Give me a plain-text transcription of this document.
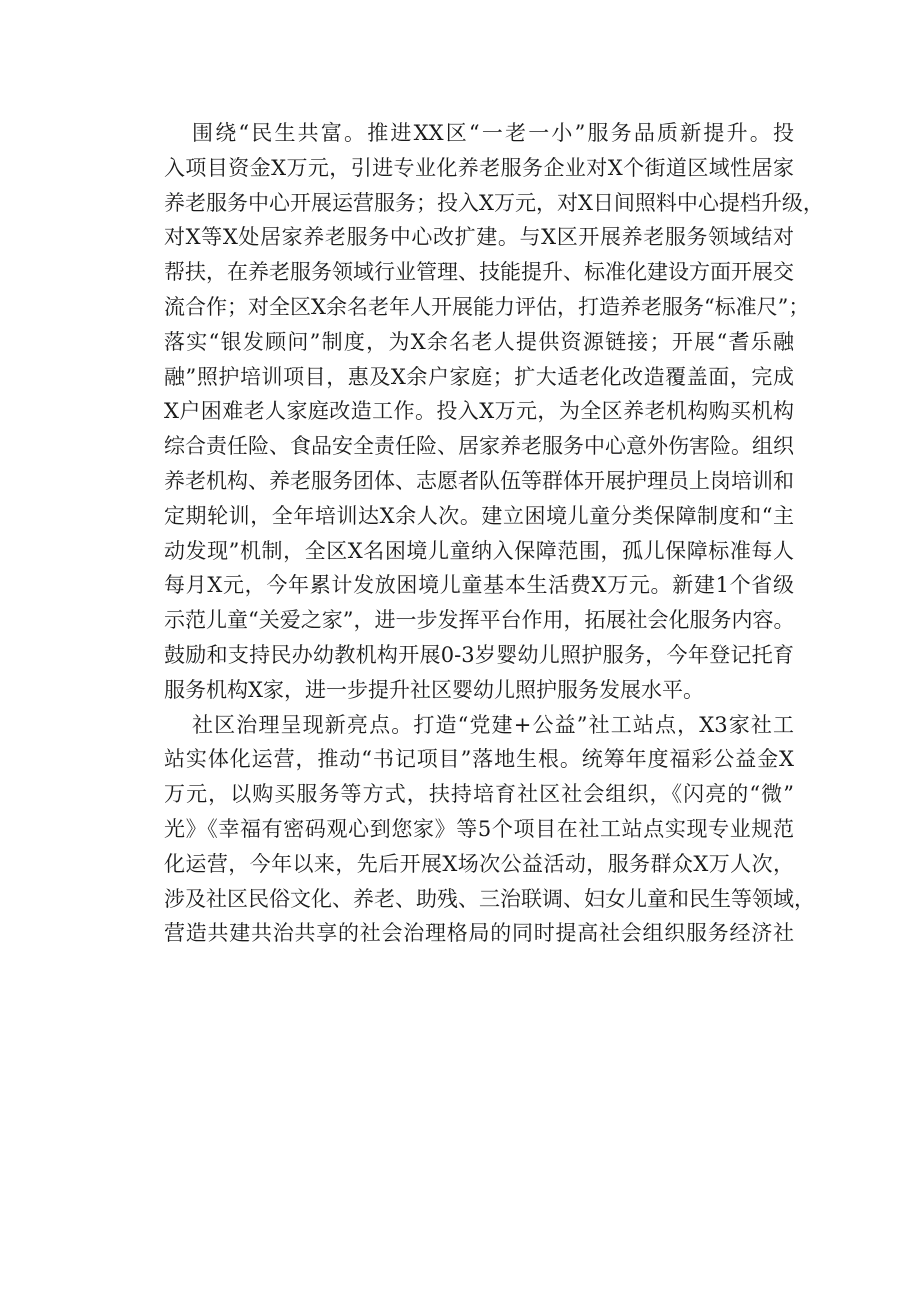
围绕“民生共富。推进XX区“一老一小”服务品质新提升。投
入项目资金X万元，引进专业化养老服务企业对X个街道区域性居家
养老服务中心开展运营服务；投入X万元，对X日间照料中心提档升级，
对X等X处居家养老服务中心改扩建。与X区开展养老服务领域结对
帮扶，在养老服务领域行业管理、技能提升、标准化建设方面开展交
流合作；对全区X余名老年人开展能力评估，打造养老服务“标准尺”；
落实“银发顾问”制度，为X余名老人提供资源链接；开展“耆乐融
融”照护培训项目，惠及X余户家庭；扩大适老化改造覆盖面，完成
X户困难老人家庭改造工作。投入X万元，为全区养老机构购买机构
综合责任险、食品安全责任险、居家养老服务中心意外伤害险。组织
养老机构、养老服务团体、志愿者队伍等群体开展护理员上岗培训和
定期轮训，全年培训达X余人次。建立困境儿童分类保障制度和“主
动发现”机制，全区X名困境儿童纳入保障范围，孤儿保障标准每人
每月X元，今年累计发放困境儿童基本生活费X万元。新建1个省级
示范儿童“关爱之家”，进一步发挥平台作用，拓展社会化服务内容。
鼓励和支持民办幼教机构开展0-3岁婴幼儿照护服务，今年登记托育
服务机构X家，进一步提升社区婴幼儿照护服务发展水平。
社区治理呈现新亮点。打造“党建+公益”社工站点，X3家社工
站实体化运营，推动“书记项目”落地生根。统筹年度福彩公益金X
万元，以购买服务等方式，扶持培育社区社会组织，《闪亮的“微”
光》《幸福有密码观心到您家》等5个项目在社工站点实现专业规范
化运营，今年以来，先后开展X场次公益活动，服务群众X万人次，
涉及社区民俗文化、养老、助残、三治联调、妇女儿童和民生等领域，
营造共建共治共享的社会治理格局的同时提高社会组织服务经济社
